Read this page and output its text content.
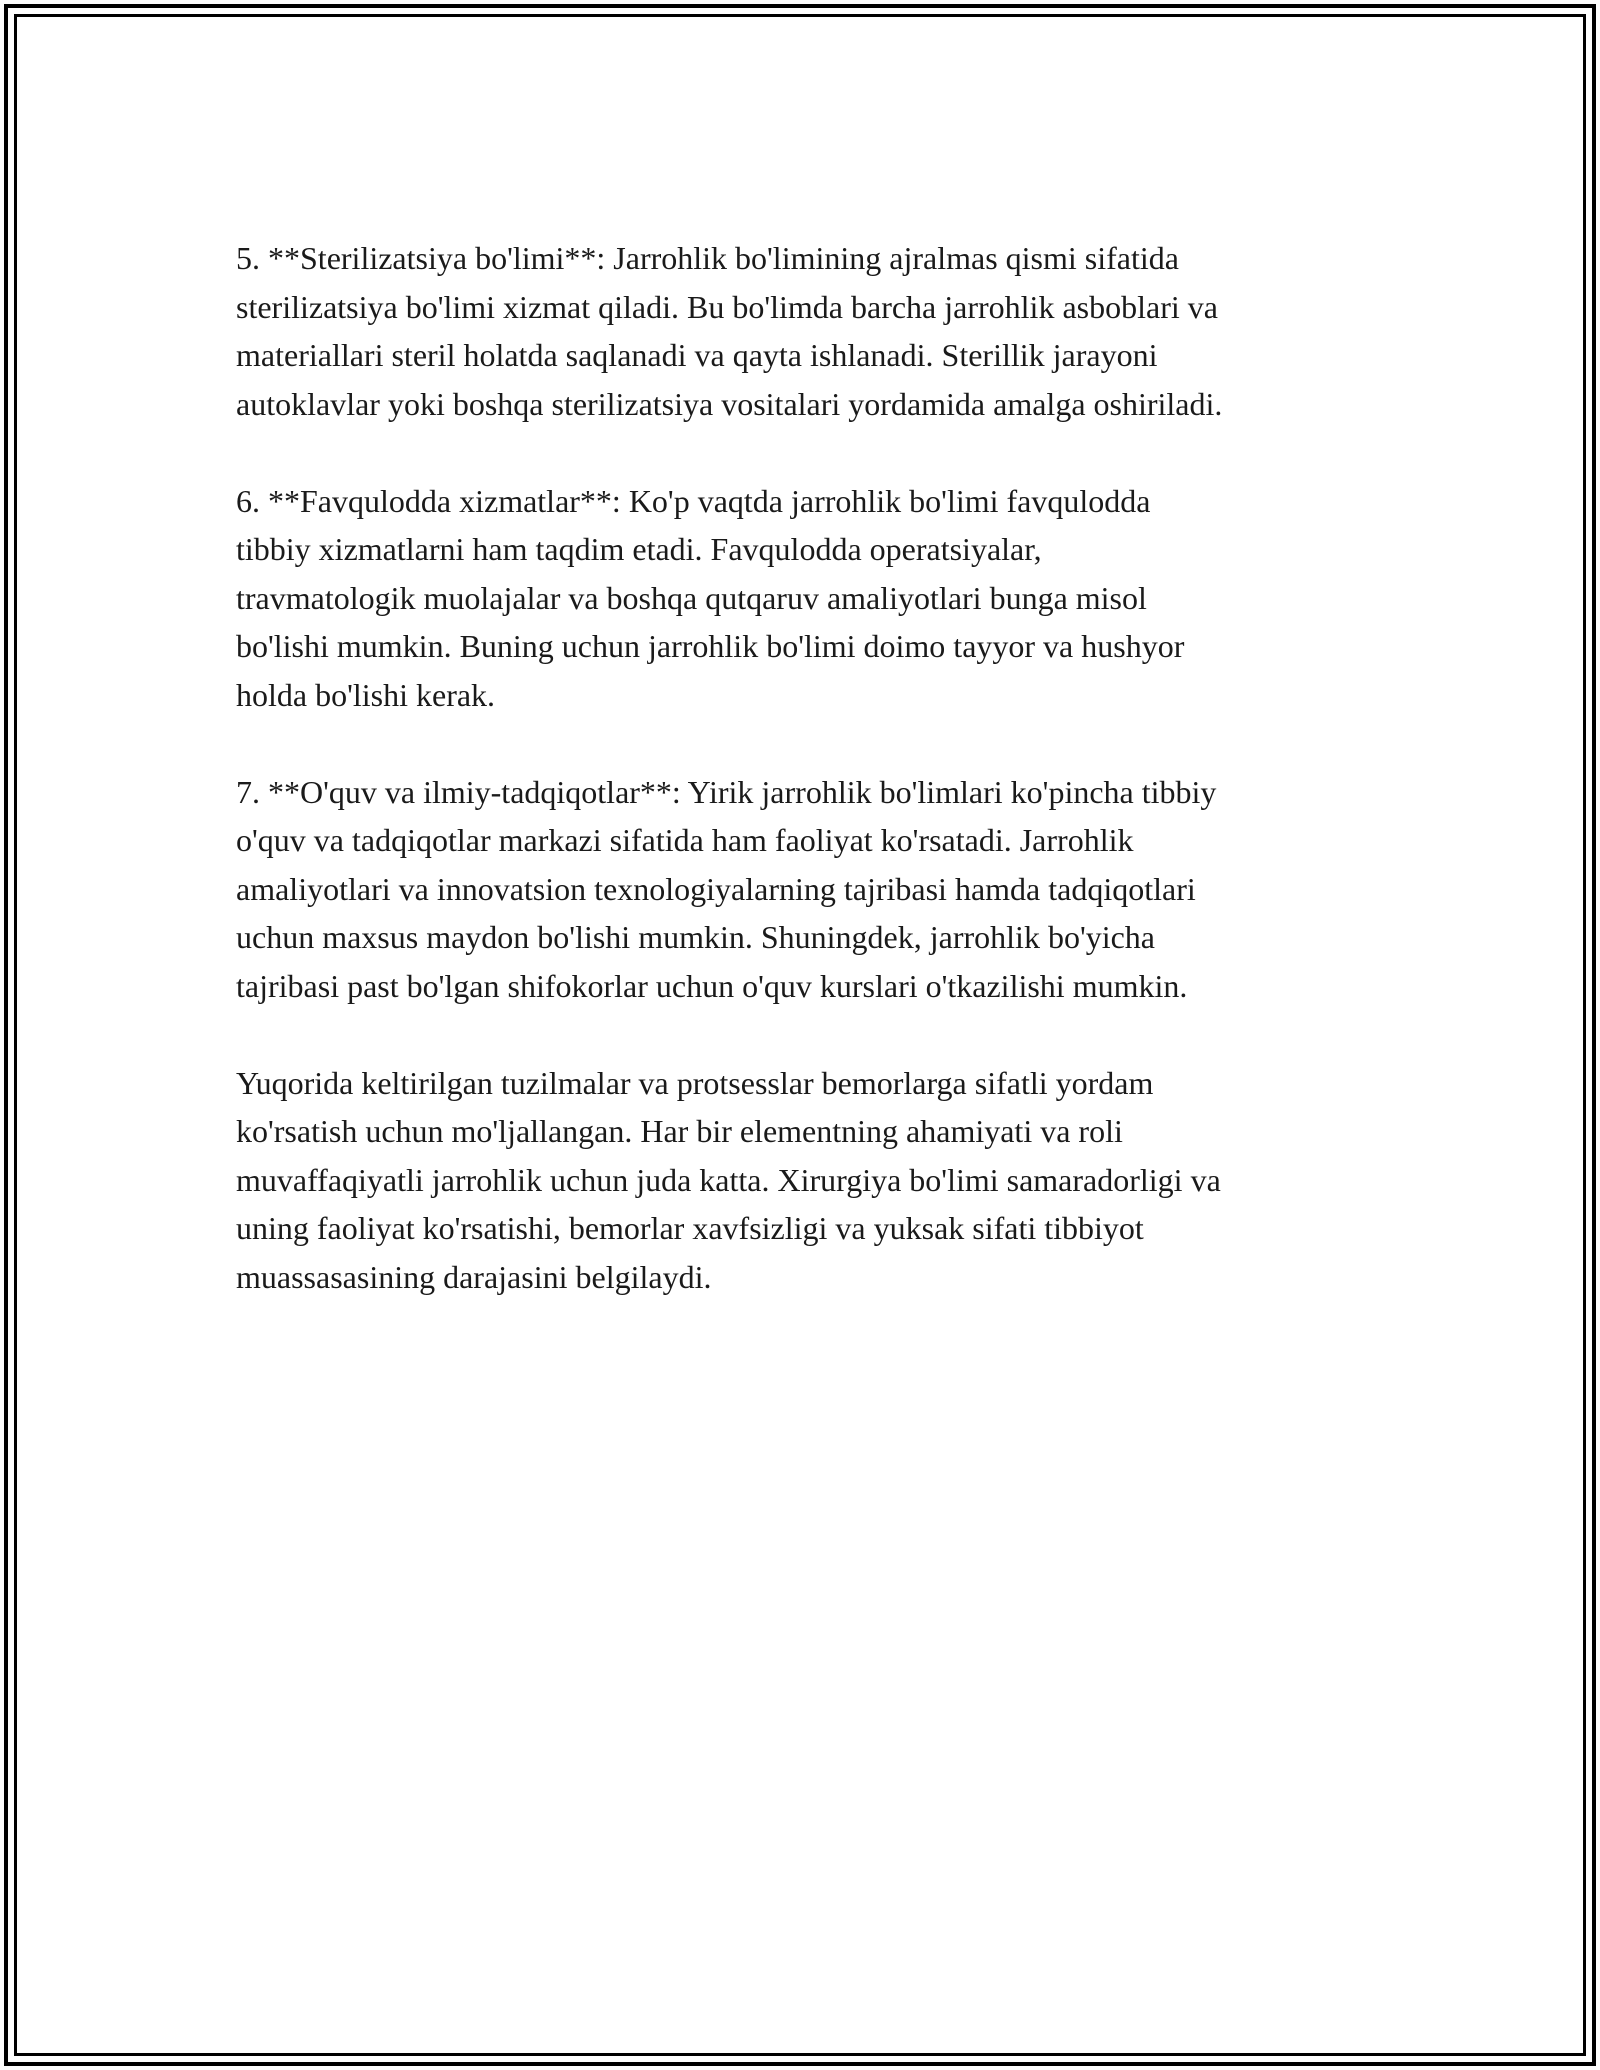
5. **Sterilizatsiya bo'limi**: Jarrohlik bo'limining ajralmas qismi sifatida
sterilizatsiya bo'limi xizmat qiladi. Bu bo'limda barcha jarrohlik asboblari va
materiallari steril holatda saqlanadi va qayta ishlanadi. Sterillik jarayoni
autoklavlar yoki boshqa sterilizatsiya vositalari yordamida amalga oshiriladi.

6. **Favqulodda xizmatlar**: Ko'p vaqtda jarrohlik bo'limi favqulodda
tibbiy xizmatlarni ham taqdim etadi. Favqulodda operatsiyalar,
travmatologik muolajalar va boshqa qutqaruv amaliyotlari bunga misol
bo'lishi mumkin. Buning uchun jarrohlik bo'limi doimo tayyor va hushyor
holda bo'lishi kerak.

7. **O'quv va ilmiy-tadqiqotlar**: Yirik jarrohlik bo'limlari ko'pincha tibbiy
o'quv va tadqiqotlar markazi sifatida ham faoliyat ko'rsatadi. Jarrohlik
amaliyotlari va innovatsion texnologiyalarning tajribasi hamda tadqiqotlari
uchun maxsus maydon bo'lishi mumkin. Shuningdek, jarrohlik bo'yicha
tajribasi past bo'lgan shifokorlar uchun o'quv kurslari o'tkazilishi mumkin.

Yuqorida keltirilgan tuzilmalar va protsesslar bemorlarga sifatli yordam
ko'rsatish uchun mo'ljallangan. Har bir elementning ahamiyati va roli
muvaffaqiyatli jarrohlik uchun juda katta. Xirurgiya bo'limi samaradorligi va
uning faoliyat ko'rsatishi, bemorlar xavfsizligi va yuksak sifati tibbiyot
muassasasining darajasini belgilaydi.
